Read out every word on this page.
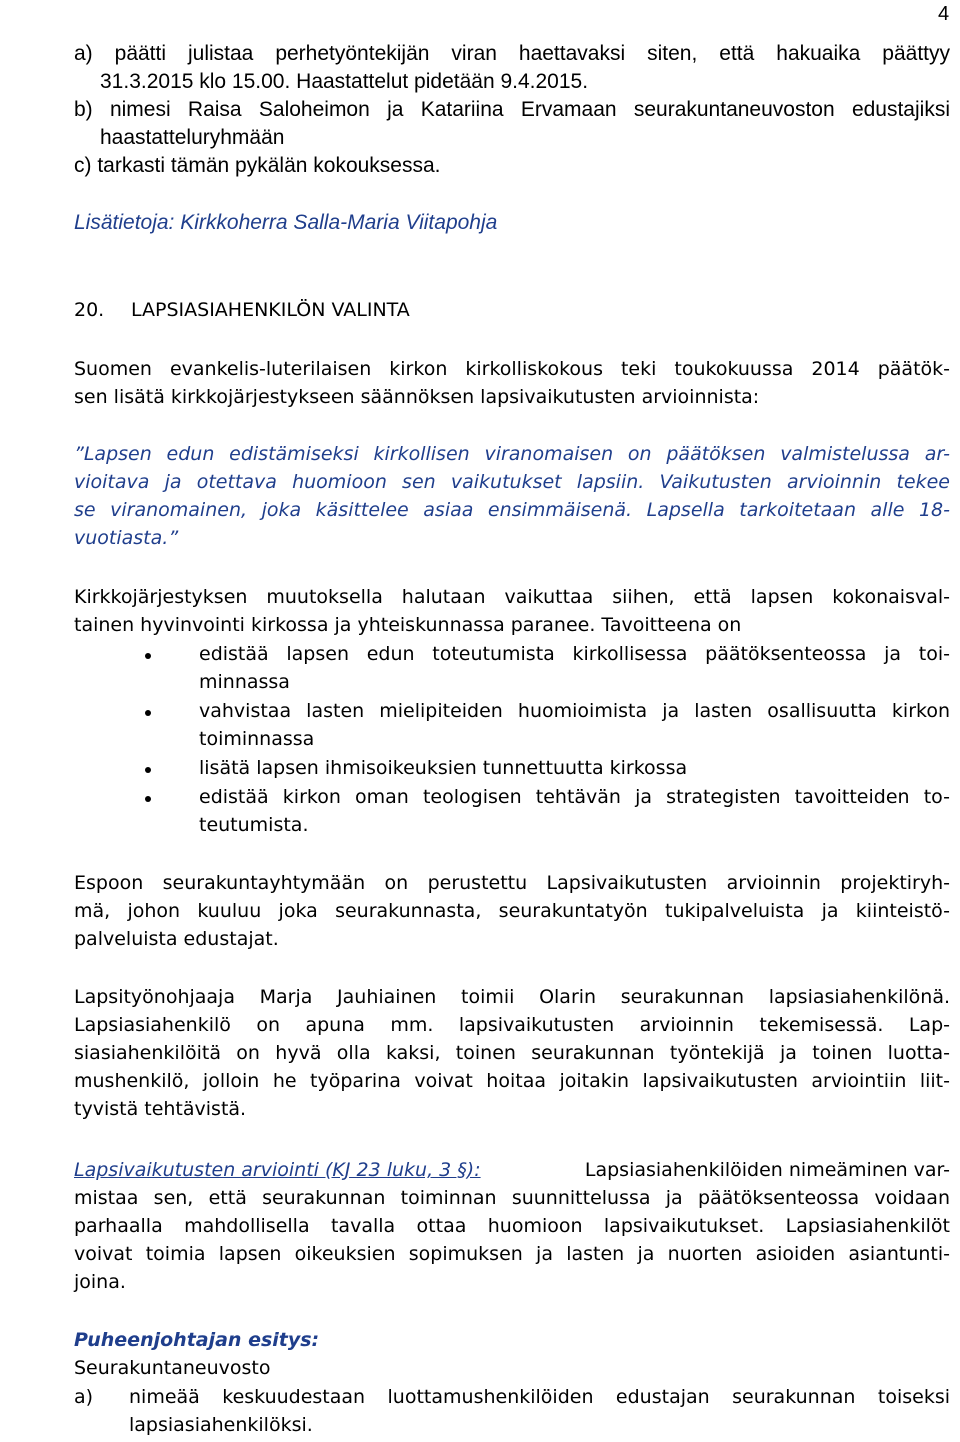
4
a) päätti julistaa perhetyöntekijän viran haettavaksi siten, että hakuaika päättyy
31.3.2015 klo 15.00. Haastattelut pidetään 9.4.2015.
b) nimesi Raisa Saloheimon ja Katariina Ervamaan seurakuntaneuvoston edustajiksi
haastatteluryhmään
c) tarkasti tämän pykälän kokouksessa.
Lisätietoja: Kirkkoherra Salla-Maria Viitapohja
20. LAPSIASIAHENKILÖN VALINTA
Suomen evankelis-luterilaisen kirkon kirkolliskokous teki toukokuussa 2014 päätök-
sen lisätä kirkkojärjestykseen säännöksen lapsivaikutusten arvioinnista:
”Lapsen edun edistämiseksi kirkollisen viranomaisen on päätöksen valmistelussa ar-
vioitava ja otettava huomioon sen vaikutukset lapsiin. Vaikutusten arvioinnin tekee
se viranomainen, joka käsittelee asiaa ensimmäisenä. Lapsella tarkoitetaan alle 18-
vuotiasta.”
Kirkkojärjestyksen muutoksella halutaan vaikuttaa siihen, että lapsen kokonaisval-
tainen hyvinvointi kirkossa ja yhteiskunnassa paranee. Tavoitteena on
edistää lapsen edun toteutumista kirkollisessa päätöksenteossa ja toi-
minnassa
vahvistaa lasten mielipiteiden huomioimista ja lasten osallisuutta kirkon
toiminnassa
lisätä lapsen ihmisoikeuksien tunnettuutta kirkossa
edistää kirkon oman teologisen tehtävän ja strategisten tavoitteiden to-
teutumista.
Espoon seurakuntayhtymään on perustettu Lapsivaikutusten arvioinnin projektiryh-
mä, johon kuuluu joka seurakunnasta, seurakuntatyön tukipalveluista ja kiinteistö-
palveluista edustajat.
Lapsityönohjaaja Marja Jauhiainen toimii Olarin seurakunnan lapsiasiahenkilönä.
Lapsiasiahenkilö on apuna mm. lapsivaikutusten arvioinnin tekemisessä. Lap-
siasiahenkilöitä on hyvä olla kaksi, toinen seurakunnan työntekijä ja toinen luotta-
mushenkilö, jolloin he työparina voivat hoitaa joitakin lapsivaikutusten arviointiin liit-
tyvistä tehtävistä.
Lapsivaikutusten arviointi (KJ 23 luku, 3 §):	Lapsiasiahenkilöiden nimeäminen var-
mistaa sen, että seurakunnan toiminnan suunnittelussa ja päätöksenteossa voidaan
parhaalla mahdollisella tavalla ottaa huomioon lapsivaikutukset. Lapsiasiahenkilöt
voivat toimia lapsen oikeuksien sopimuksen ja lasten ja nuorten asioiden asiantunti-
joina.
Puheenjohtajan esitys:
Seurakuntaneuvosto
a) nimeää keskuudestaan luottamushenkilöiden edustajan seurakunnan toiseksi
lapsiasiahenkilöksi.
